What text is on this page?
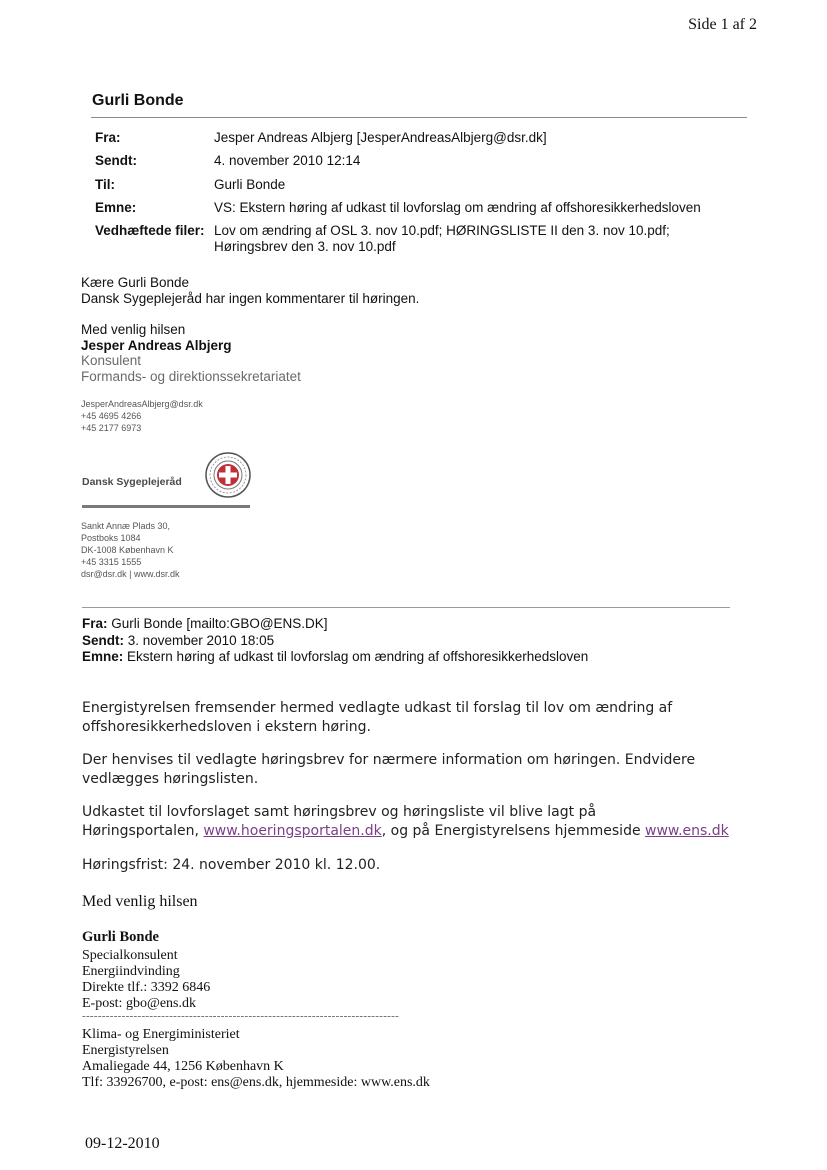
Side 1 af 2
Gurli Bonde
Fra:	Jesper Andreas Albjerg [JesperAndreasAlbjerg@dsr.dk]
Sendt:	4. november 2010 12:14
Til:	Gurli Bonde
Emne:	VS: Ekstern høring af udkast til lovforslag om ændring af offshoresikkerhedsloven
Vedhæftede filer: Lov om ændring af OSL 3. nov 10.pdf; HØRINGSLISTE II den 3. nov 10.pdf;
Høringsbrev den 3. nov 10.pdf
Kære Gurli Bonde
Dansk Sygeplejeråd har ingen kommentarer til høringen.
Med venlig hilsen
Jesper Andreas Albjerg
Konsulent
Formands- og direktionssekretariatet
JesperAndreasAlbjerg@dsr.dk
+45 4695 4266
+45 2177 6973
Dansk Sygeplejeråd
Sankt Annæ Plads 30,
Postboks 1084
DK-1008 København K
+45 3315 1555
dsr@dsr.dk | www.dsr.dk
Fra: Gurli Bonde [mailto:GBO@ENS.DK]
Sendt: 3. november 2010 18:05
Emne: Ekstern høring af udkast til lovforslag om ændring af offshoresikkerhedsloven
Energistyrelsen fremsender hermed vedlagte udkast til forslag til lov om ændring af
offshoresikkerhedsloven i ekstern høring.
Der henvises til vedlagte høringsbrev for nærmere information om høringen. Endvidere
vedlægges høringslisten.
Udkastet til lovforslaget samt høringsbrev og høringsliste vil blive lagt på
Høringsportalen, www.hoeringsportalen.dk, og på Energistyrelsens hjemmeside www.ens.dk
Høringsfrist: 24. november 2010 kl. 12.00.
Med venlig hilsen
Gurli Bonde
Specialkonsulent
Energiindvinding
Direkte tlf.: 3392 6846
E-post: gbo@ens.dk
--------------------------------------------------------------------------------
Klima- og Energiministeriet
Energistyrelsen
Amaliegade 44, 1256 København K
Tlf: 33926700, e-post: ens@ens.dk, hjemmeside: www.ens.dk
09-12-2010
